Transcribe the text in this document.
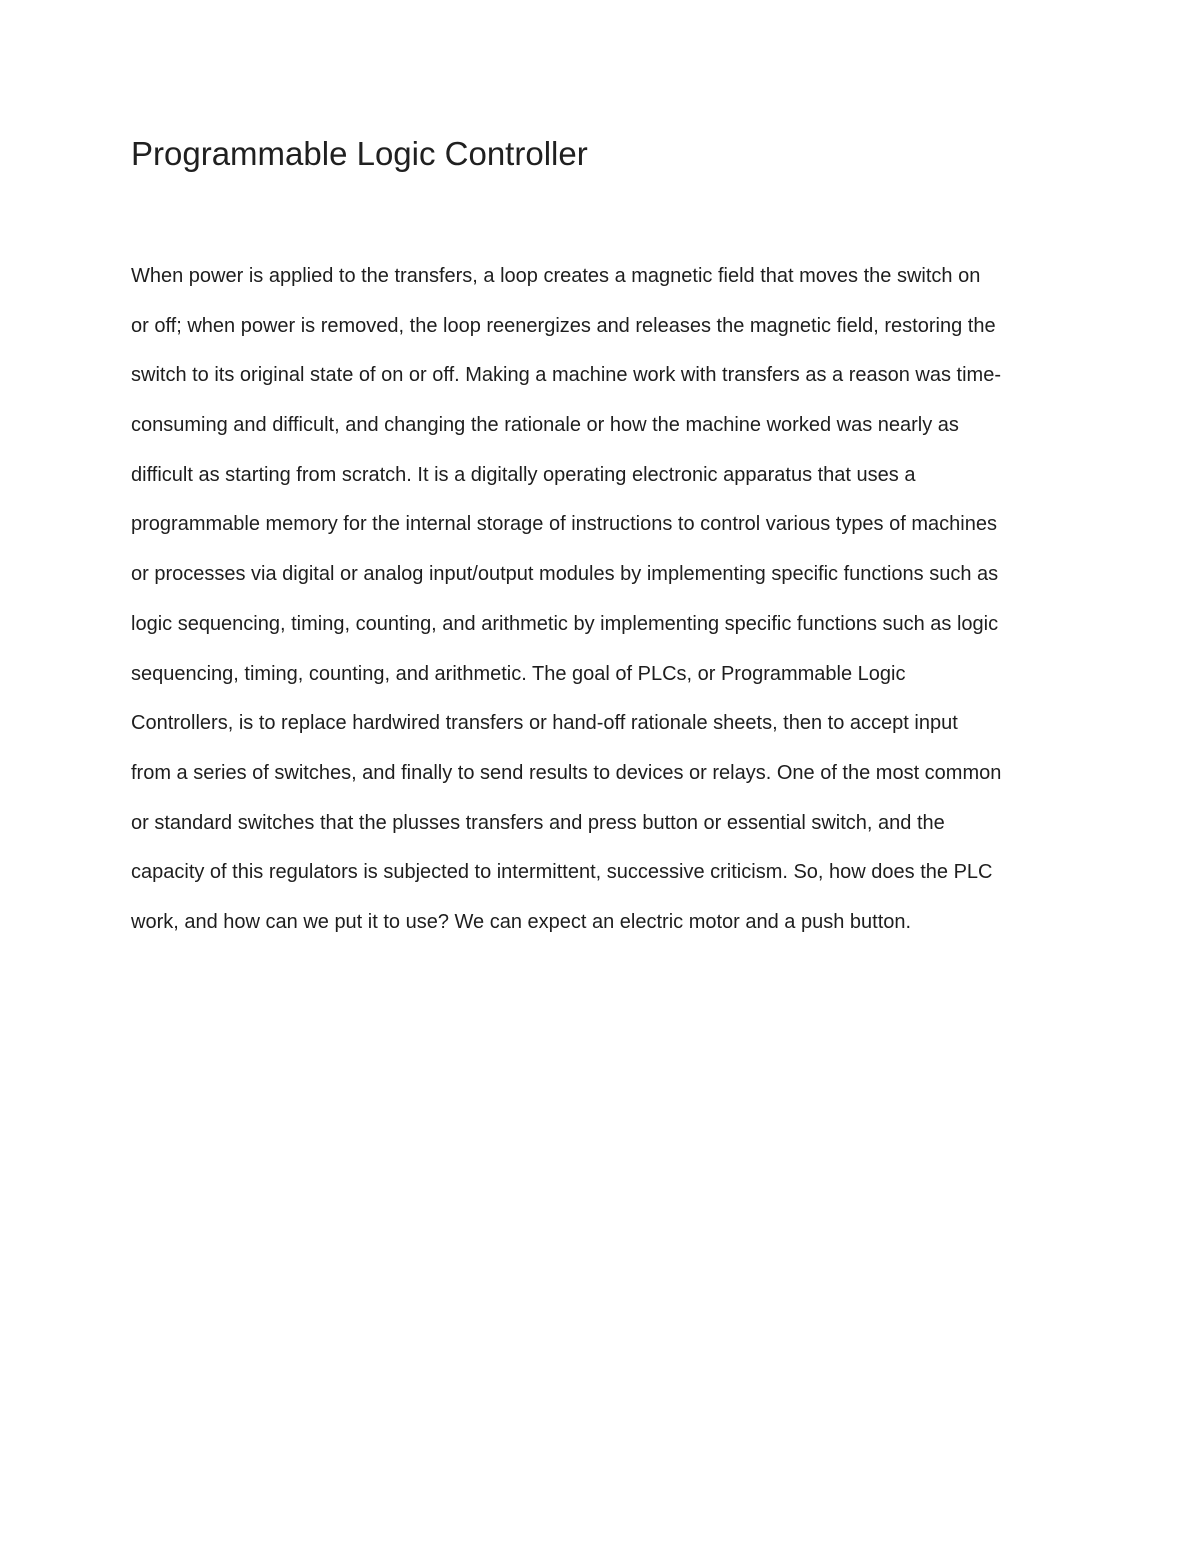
Programmable Logic Controller
When power is applied to the transfers, a loop creates a magnetic field that moves the switch on
or off; when power is removed, the loop reenergizes and releases the magnetic field, restoring the
switch to its original state of on or off. Making a machine work with transfers as a reason was time-
consuming and difficult, and changing the rationale or how the machine worked was nearly as
difficult as starting from scratch. It is a digitally operating electronic apparatus that uses a
programmable memory for the internal storage of instructions to control various types of machines
or processes via digital or analog input/output modules by implementing specific functions such as
logic sequencing, timing, counting, and arithmetic by implementing specific functions such as logic
sequencing, timing, counting, and arithmetic. The goal of PLCs, or Programmable Logic
Controllers, is to replace hardwired transfers or hand-off rationale sheets, then to accept input
from a series of switches, and finally to send results to devices or relays. One of the most common
or standard switches that the plusses transfers and press button or essential switch, and the
capacity of this regulators is subjected to intermittent, successive criticism. So, how does the PLC
work, and how can we put it to use? We can expect an electric motor and a push button.
